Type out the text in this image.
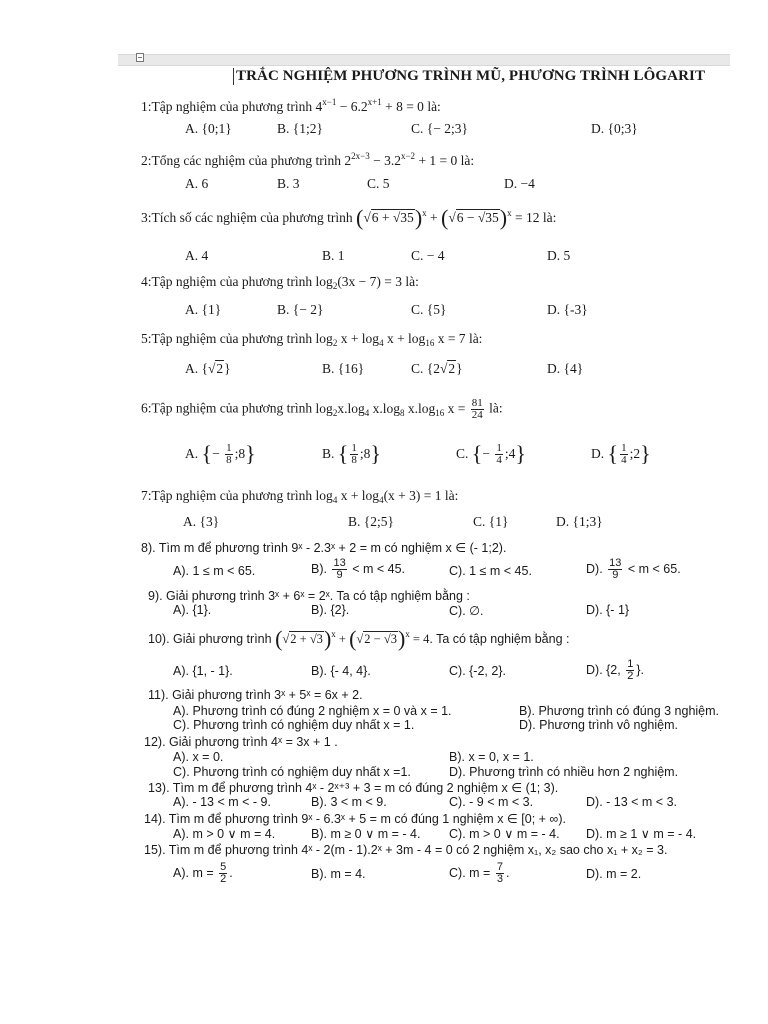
TRẮC NGHIỆM PHƯƠNG TRÌNH MŨ, PHƯƠNG TRÌNH LÔGARIT
1:Tập nghiệm của phương trình $4^{x-1} - 6.2^{x+1} + 8 = 0$ là:
A. {0;1}	B. {1;2}	C. {− 2;3}	D. {0;3}
2:Tổng các nghiệm của phương trình $2^{2x-3} - 3.2^{x-2} + 1 = 0$ là:
A. 6	B. 3	C. 5	D. −4
3:Tích số các nghiệm của phương trình $(√6 + √35)^x + (√6 - √35)^x = 12$ là:
A. 4	B. 1	C. − 4	D. 5
4:Tập nghiệm của phương trình $\log_2(3x - 7) = 3$ là:
A. {1}	B. {− 2}	C. {5}	D. {-3}
5:Tập nghiệm của phương trình $\log_2 x + \log_4 x + \log_{16} x = 7$ là:
A. {√2}	B. {16}	C. {2√2}	D. {4}
6:Tập nghiệm của phương trình $\log_2x.\log_4$ $x.\log_8$ $x.\log_{16}$ $x = \frac{81}{24}$ là:
A. {− $\frac{1}{8}$ ;8}	B. { $\frac{1}{8}$ ;8}	C. {− $\frac{1}{4}$ ;4}	D. { $\frac{1}{4}$ ;2}
7:Tập nghiệm của phương trình $\log_4 x + \log_4(x + 3) = 1$ là:
A. {3}	B. {2;5}	C. {1}	D. {1;3}
8). Tìm m để phương trình 9ˣ - 2.3ˣ + 2 = m có nghiệm x ∈ (- 1;2).
A). 1 ≤ m < 65.	B). $\frac{13}{9} < m < 45$.	C). 1 ≤ m < 45.	D). $\frac{13}{9} < m < 65$.
9). Giải phương trình 3ˣ + 6ˣ = 2ˣ. Ta có tập nghiệm bằng :
A). {1}.	B). {2}.	C). ∅.	D). {- 1}
10). Giải phương trình $(√2 + √3)^x + (√2 - √3)^x = 4$. Ta có tập nghiệm bằng :
A). {1, - 1}.	B). {- 4, 4}.	C). {-2, 2}.	D). {2, $\frac{1}{2}$ }.
11). Giải phương trình 3ˣ + 5ˣ = 6x + 2.
A). Phương trình có đúng 2 nghiệm x = 0 và x = 1.	B). Phương trình có đúng 3 nghiệm.
C). Phương trình có nghiệm duy nhất x = 1.	D). Phương trình vô nghiệm.
12). Giải phương trình 4ˣ = 3x + 1 .
A). x = 0.	B). x = 0, x = 1.
C). Phương trình có nghiệm duy nhất x =1.	D). Phương trình có nhiều hơn 2 nghiệm.
13). Tìm m để phương trình 4ˣ - 2ˣ⁺³ + 3 = m có đúng 2 nghiệm x ∈ (1; 3).
A). - 13 < m < - 9.	B). 3 < m < 9.	C). - 9 < m < 3.	D). - 13 < m < 3.
14). Tìm m để phương trình 9ˣ - 6.3ˣ + 5 = m có đúng 1 nghiệm x ∈ [0; + ∞).
A). m > 0 ∨ m = 4.	B). m ≥ 0 ∨ m = - 4. C). m > 0 ∨ m = - 4. D). m ≥ 1 ∨ m = - 4.
15). Tìm m để phương trình 4ˣ - 2(m - 1).2ˣ + 3m - 4 = 0 có 2 nghiệm x₁, x₂ sao cho x₁ + x₂ = 3.
A). $m = \frac{5}{2}$ .	B). m = 4.	C). $m = \frac{7}{3}$ .	D). m = 2.
